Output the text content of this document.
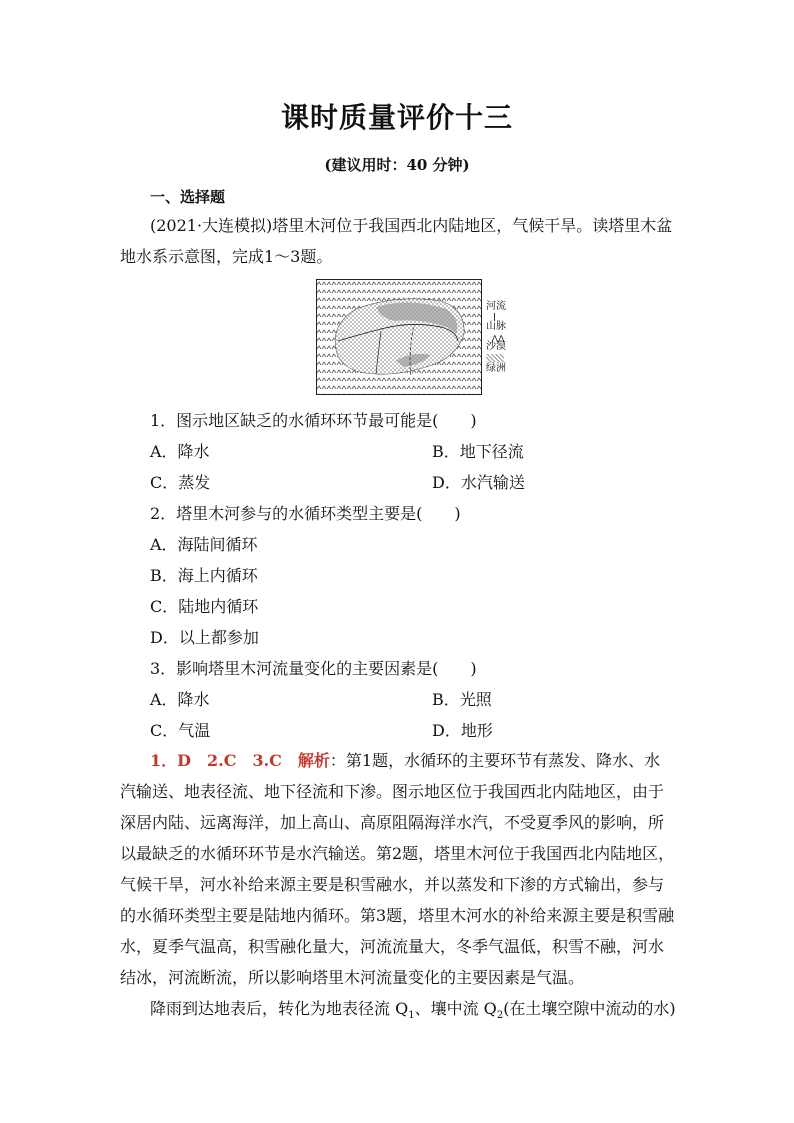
课时质量评价十三
(建议用时：40 分钟)
一、选择题
(2021·大连模拟)塔里木河位于我国西北内陆地区，气候干旱。读塔里木盆地水系示意图，完成1～3题。
河流
山脉
⋀⋀
沙漠
绿洲
1．图示地区缺乏的水循环环节最可能是(　　)
A．降水	B．地下径流
C．蒸发	D．水汽输送
2．塔里木河参与的水循环类型主要是(　　)
A．海陆间循环
B．海上内循环
C．陆地内循环
D．以上都参加
3．影响塔里木河流量变化的主要因素是(　　)
A．降水	B．光照
C．气温	D．地形
1．D　2.C　3.C　 解析：第1题，水循环的主要环节有蒸发、降水、水汽输送、地表径流、地下径流和下渗。图示地区位于我国西北内陆地区，由于深居内陆、远离海洋，加上高山、高原阻隔海洋水汽，不受夏季风的影响，所以最缺乏的水循环环节是水汽输送。第2题，塔里木河位于我国西北内陆地区，气候干旱，河水补给来源主要是积雪融水，并以蒸发和下渗的方式输出，参与的水循环类型主要是陆地内循环。第3题，塔里木河水的补给来源主要是积雪融水，夏季气温高，积雪融化量大，河流流量大，冬季气温低，积雪不融，河水结冰，河流断流，所以影响塔里木河流量变化的主要因素是气温。
降雨到达地表后，转化为地表径流 $Q_1$、壤中流 $Q_2$(在土壤空隙中流动的水)
